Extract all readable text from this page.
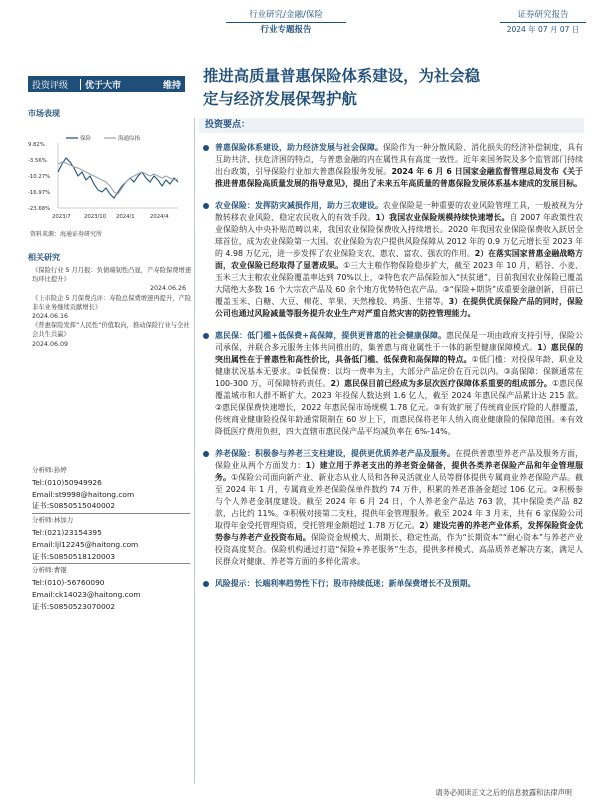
行业研究/金融/保险
行业专题报告
证券研究报告
2024 年 07 月 07 日
投资评级	优于大市	维持
市场表现
保险	海通综指
9.82%
-3.56%
-10.27%
-16.97%
-23.68%
2023/7	2023/10 2024/1	2024/4
资料来源：海通证券研究所
相关研究
《保险行业 5 月月报：负债端韧性凸显，产寿险保费增速均环比提升》
2024.06.26
《上市险企 5 月保费点评：寿险总保费增速再提升，产险非车业务继续贡献增长》
2024.06.16
《普惠保险发挥“人民性”价值取向，推动保险行业与全社会共生共赢》
2024.06.09
分析师:孙婷
Tel:(010)50949926
Email:st9998@haitong.com
证书:S0850515040002
分析师:林加力
Tel:(021)23154395
Email:ljl12245@haitong.com
证书:S0850518120003
分析师:曹锟
Tel:(010)-56760090
Email:ck14023@haitong.com
证书:S0850523070002
推进高质量普惠保险体系建设，为社会稳
定与经济发展保驾护航
投资要点：
普惠保险体系建设，助力经济发展与社会保障。保险作为一种分散风险、消化损失的经济补偿制度，具有互助共济、扶危济困的特点，与普惠金融的内在属性具有高度一致性。近年来国务院及多个监管部门持续出台政策，引导保险行业加大普惠保险服务发展。2024 年 6 月 6 日国家金融监督管理总局发布《关于推进普惠保险高质量发展的指导意见》，提出了未来五年高质量的普惠保险发展体系基本建成的发展目标。
农业保险：发挥防灾减损作用，助力三农建设。农业保险是一种重要的农业风险管理工具，一般被视为分散转移农业风险、稳定农民收入的有效手段。1）我国农业保险规模持续快速增长。自 2007 年政策性农业保险纳入中央补贴范畴以来，我国农业保险保费收入持续增长。2020 年我国农业保险保费收入跃居全球首位，成为农业保险第一大国。农业保险为农户提供风险保障从 2012 年的 0.9 万亿元增长至 2023 年的 4.98 万亿元，进一步发挥了农业保险支农、惠农、富农、强农的作用。2）在落实国家普惠金融战略方面，农业保险已经取得了显著成果。①三大主粮作物保险稳步扩大，截至 2023 年 10 月，稻谷、小麦、玉米三大主粮农业保险覆盖率达到 70%以上，②特色农产品保险加入“扶贫通”，目前我国农业保险已覆盖大陆绝大多数 16 个大宗农产品及 60 余个地方优势特色农产品。③“保险+期货”成重要金融创新，目前已覆盖玉米、白糖、大豆、棉花、苹果、天然橡胶、鸡蛋、生猪等。3）在提供优质保险产品的同时，保险公司也通过风险减量等服务提升农业生产对严重自然灾害的防控管理能力。
惠民保：低门槛+低保费+高保障，提供更普惠的社会健康保障。惠民保是一项由政府支持引导，保险公司承保，并联合多元服务主体共同推出的，集普惠与商业属性于一体的新型健康保障模式。1）惠民保的突出属性在于普惠性和高性价比，具备低门槛、低保费和高保障的特点。①低门槛：对投保年龄、职业及健康状况基本无要求。②低保费：以均一费率为主，大部分产品定价在百元以内。③高保障：保额通常在 100-300 万，可保障特药责任。2）惠民保目前已经成为多层次医疗保障体系重要的组成部分。①惠民保覆盖城市和人群不断扩大。2023 年投保人数达到 1.6 亿人，截至 2024 年惠民保产品累计达 215 款。②惠民保保费快速增长，2022 年惠民保市场规模 1.78 亿元。③有效扩展了传统商业医疗险的人群覆盖，传统商业健康险投保年龄通常限制在 60 岁上下，而惠民保将老年人纳入商业健康险的保障范围。④有效降低医疗费用负担，四大直辖市惠民保产品平均减负率在 6%-14%。
养老保险：积极参与养老三支柱建设，提供更优质养老产品及服务。在提供普惠型养老产品及服务方面，保险业从两个方面发力：1）建立用于养老支出的养老资金储备，提供各类养老保险产品和年金管理服务。①保险公司面向新产业、新业态从业人员和各种灵活就业人员等群体提供专属商业养老保险产品。截至 2024 年 1 月，专属商业养老保险保单件数约 74 万件，积累的养老准备金超过 106 亿元。②积极参与个人养老金制度建设。截至 2024 年 6 月 24 日，个人养老金产品达 763 款，其中保险类产品 82 款，占比约 11%。③积极对接第二支柱，提供年金管理服务。截至 2024 年 3 月末，共有 6 家保险公司取得年金受托管理资质，受托管理金额超过 1.78 万亿元。2）建设完善的养老产业体系，发挥保险资金优势参与养老产业投资布局。保险资金规模大、周期长、稳定性高，作为“长期资本”“耐心资本”与养老产业投资高度契合。保险机构通过打造“保险+养老服务”生态，提供多样模式、高品质养老解决方案，满足人民群众对健康、养老等方面的多样化需求。
风险提示：长端利率趋势性下行；股市持续低迷；新单保费增长不及预期。
请务必阅读正文之后的信息披露和法律声明
